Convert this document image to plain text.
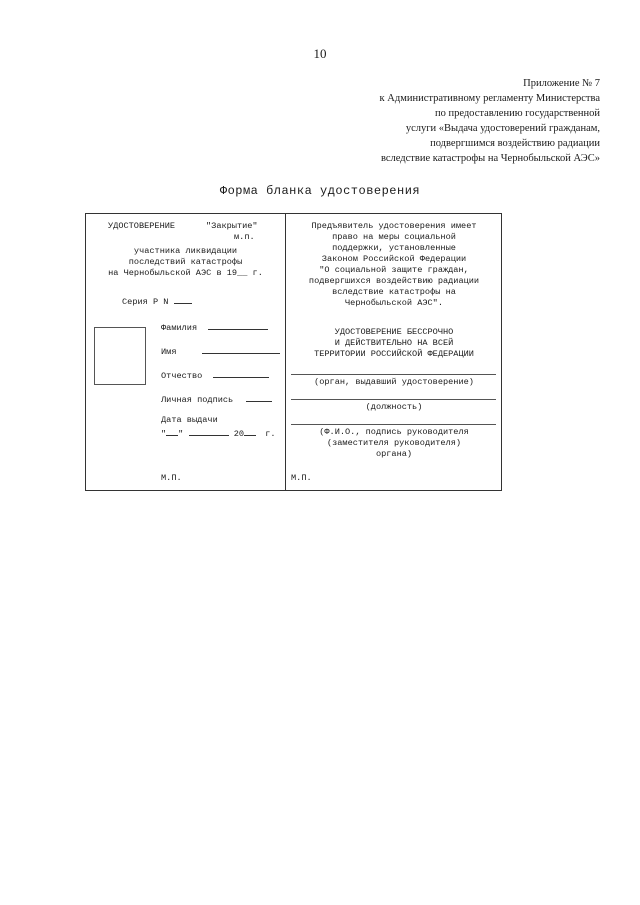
10
Приложение № 7
к Административному регламенту Министерства
по предоставлению государственной
услуги «Выдача удостоверений гражданам,
подвергшимся воздействию радиации
вследствие катастрофы на Чернобыльской АЭС»
Форма бланка удостоверения
УДОСТОВЕРЕНИЕ	"Закрытие"
м.п.
участника ликвидации
последствий катастрофы
на Чернобыльской АЭС в 19__ г.
Серия Р N
Фамилия
Имя
Отчество
Личная подпись
Дата выдачи
" "	20 г.
М.П.
Предъявитель удостоверения имеет
право на меры социальной
поддержки, установленные
Законом Российской Федерации
"О социальной защите граждан,
подвергшихся воздействию радиации
вследствие катастрофы на
Чернобыльской АЭС".
УДОСТОВЕРЕНИЕ БЕССРОЧНО
И ДЕЙСТВИТЕЛЬНО НА ВСЕЙ
ТЕРРИТОРИИ РОССИЙСКОЙ ФЕДЕРАЦИИ
(орган, выдавший удостоверение)
(должность)
(Ф.И.О., подпись руководителя
(заместителя руководителя)
органа)
М.П.
